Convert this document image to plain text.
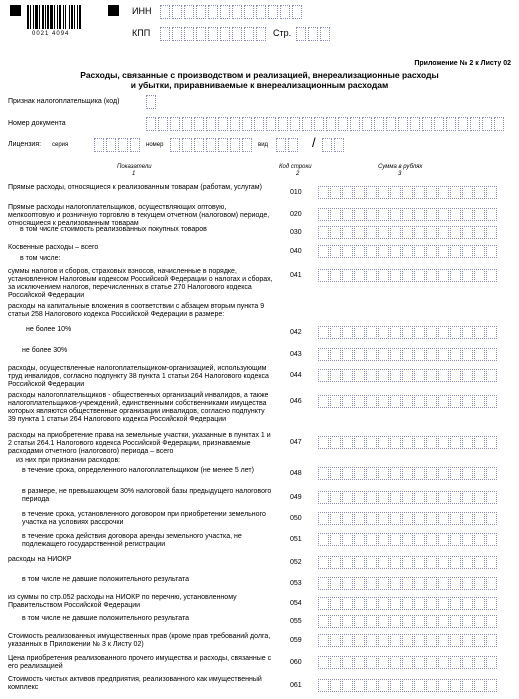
0021 4094
ИНН
КПП	Стр.
Приложение № 2 к Листу 02
Расходы, связанные с производством и реализацией, внереализационные расходы
и убытки, приравниваемые к внереализационным расходам
Признак налогоплательщика (код)
Номер документа
Лицензия: серия	номер	вид	/
Показатели
1
Код строки
2
Сумма в рублях
3
Прямые расходы, относящиеся к реализованным товарам (работам, услугам)
010
Прямые расходы налогоплательщиков, осуществляющих оптовую, мелкооптовую и розничную торговлю в текущем отчетном (налоговом) периоде, относящиеся к реализованным товарам
020
в том числе стоимость реализованных покупных товаров	030
Косвенные расходы – всего
040
в том числе:
суммы налогов и сборов, страховых взносов, начисленные в порядке, установленном Налоговым кодексом Российской Федерации о налогах и сборах, за исключением налогов, перечисленных в статье 270 Налогового кодекса Российской Федерации
041
расходы на капитальные вложения в соответствии с абзацем вторым пункта 9 статьи 258 Налогового кодекса Российской Федерации в размере:
не более 10%	042
не более 30%
043
расходы, осуществленные налогоплательщиком-организацией, использующим труд инвалидов, согласно подпункту 38 пункта 1 статьи 264 Налогового кодекса Российской Федерации
044
расходы налогоплательщиков - общественных организаций инвалидов, а также налогоплательщиков-учреждений, единственными собственниками имущества которых являются общественные организации инвалидов, согласно подпункту 39 пункта 1 статьи 264 Налогового кодекса Российской Федерации
046
расходы на приобретение права на земельные участки, указанные в пунктах 1 и 2 статьи 264.1 Налогового кодекса Российской Федерации, признаваемые расходами отчетного (налогового) периода – всего
047
из них при признании расходов:
в течение срока, определенного налогоплательщиком (не менее 5 лет)	048
в размере, не превышающем 30% налоговой базы предыдущего налогового периода	049
в течение срока, установленного договором при приобретении земельного участка на условиях рассрочки
050
в течение срока действия договора аренды земельного участка, не подлежащего государственной регистрации
051
расходы на НИОКР	052
в том числе не давшие положительного результата
053
из суммы по стр.052 расходы на НИОКР по перечню, установленному Правительством Российской Федерации	054
в том числе не давшие положительного результата	055
Стоимость реализованных имущественных прав (кроме прав требований долга, указанных в Приложении № 3 к Листу 02)
059
Цена приобретения реализованного прочего имущества и расходы, связанные с его реализацией
060
Стоимость чистых активов предприятия, реализованного как имущественный комплекс	061
